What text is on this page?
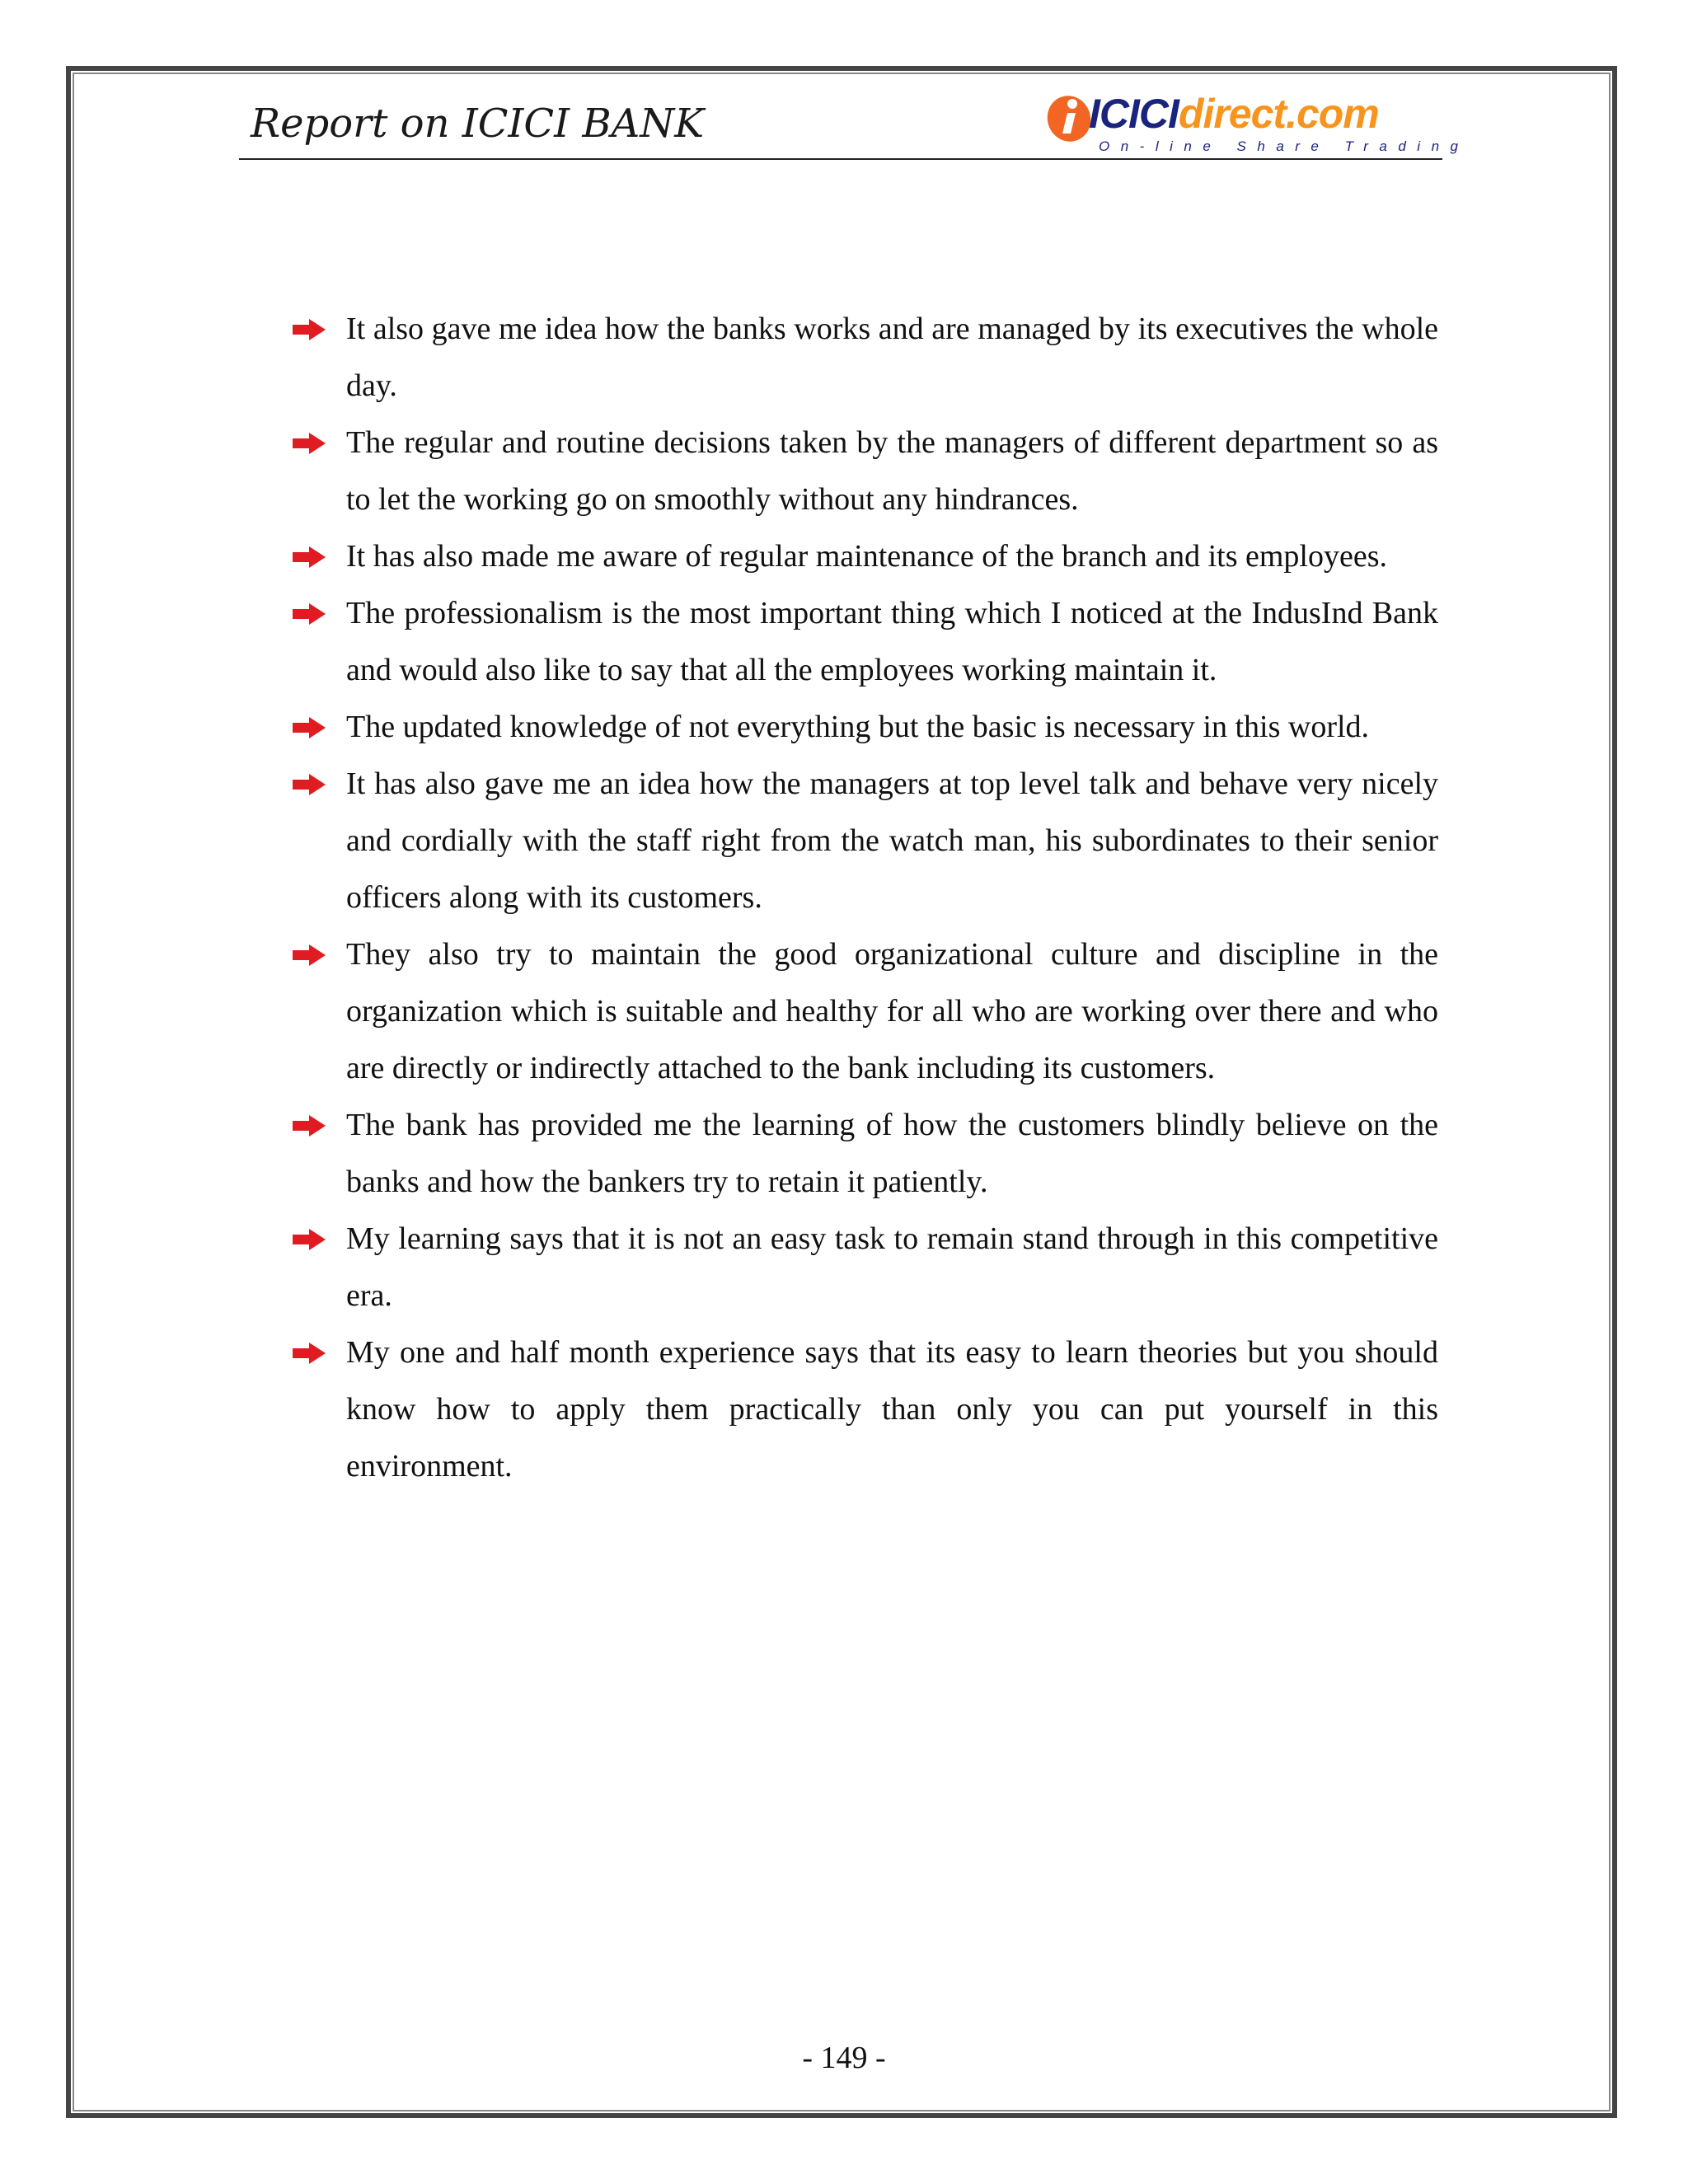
Report on ICICI BANK	ICICIdirect.com
On-line Share Trading
It also gave me idea how the banks works and are managed by its executives the whole day.
The regular and routine decisions taken by the managers of different department so as to let the working go on smoothly without any hindrances.
It has also made me aware of regular maintenance of the branch and its employees.
The professionalism is the most important thing which I noticed at the IndusInd Bank and would also like to say that all the employees working maintain it.
The updated knowledge of not everything but the basic is necessary in this world.
It has also gave me an idea how the managers at top level talk and behave very nicely and cordially with the staff right from the watch man, his subordinates to their senior officers along with its customers.
They also try to maintain the good organizational culture and discipline in the organization which is suitable and healthy for all who are working over there and who are directly or indirectly attached to the bank including its customers.
The bank has provided me the learning of how the customers blindly believe on the banks and how the bankers try to retain it patiently.
My learning says that it is not an easy task to remain stand through in this competitive era.
My one and half month experience says that its easy to learn theories but you should know how to apply them practically than only you can put yourself in this environment.
- 149 -
